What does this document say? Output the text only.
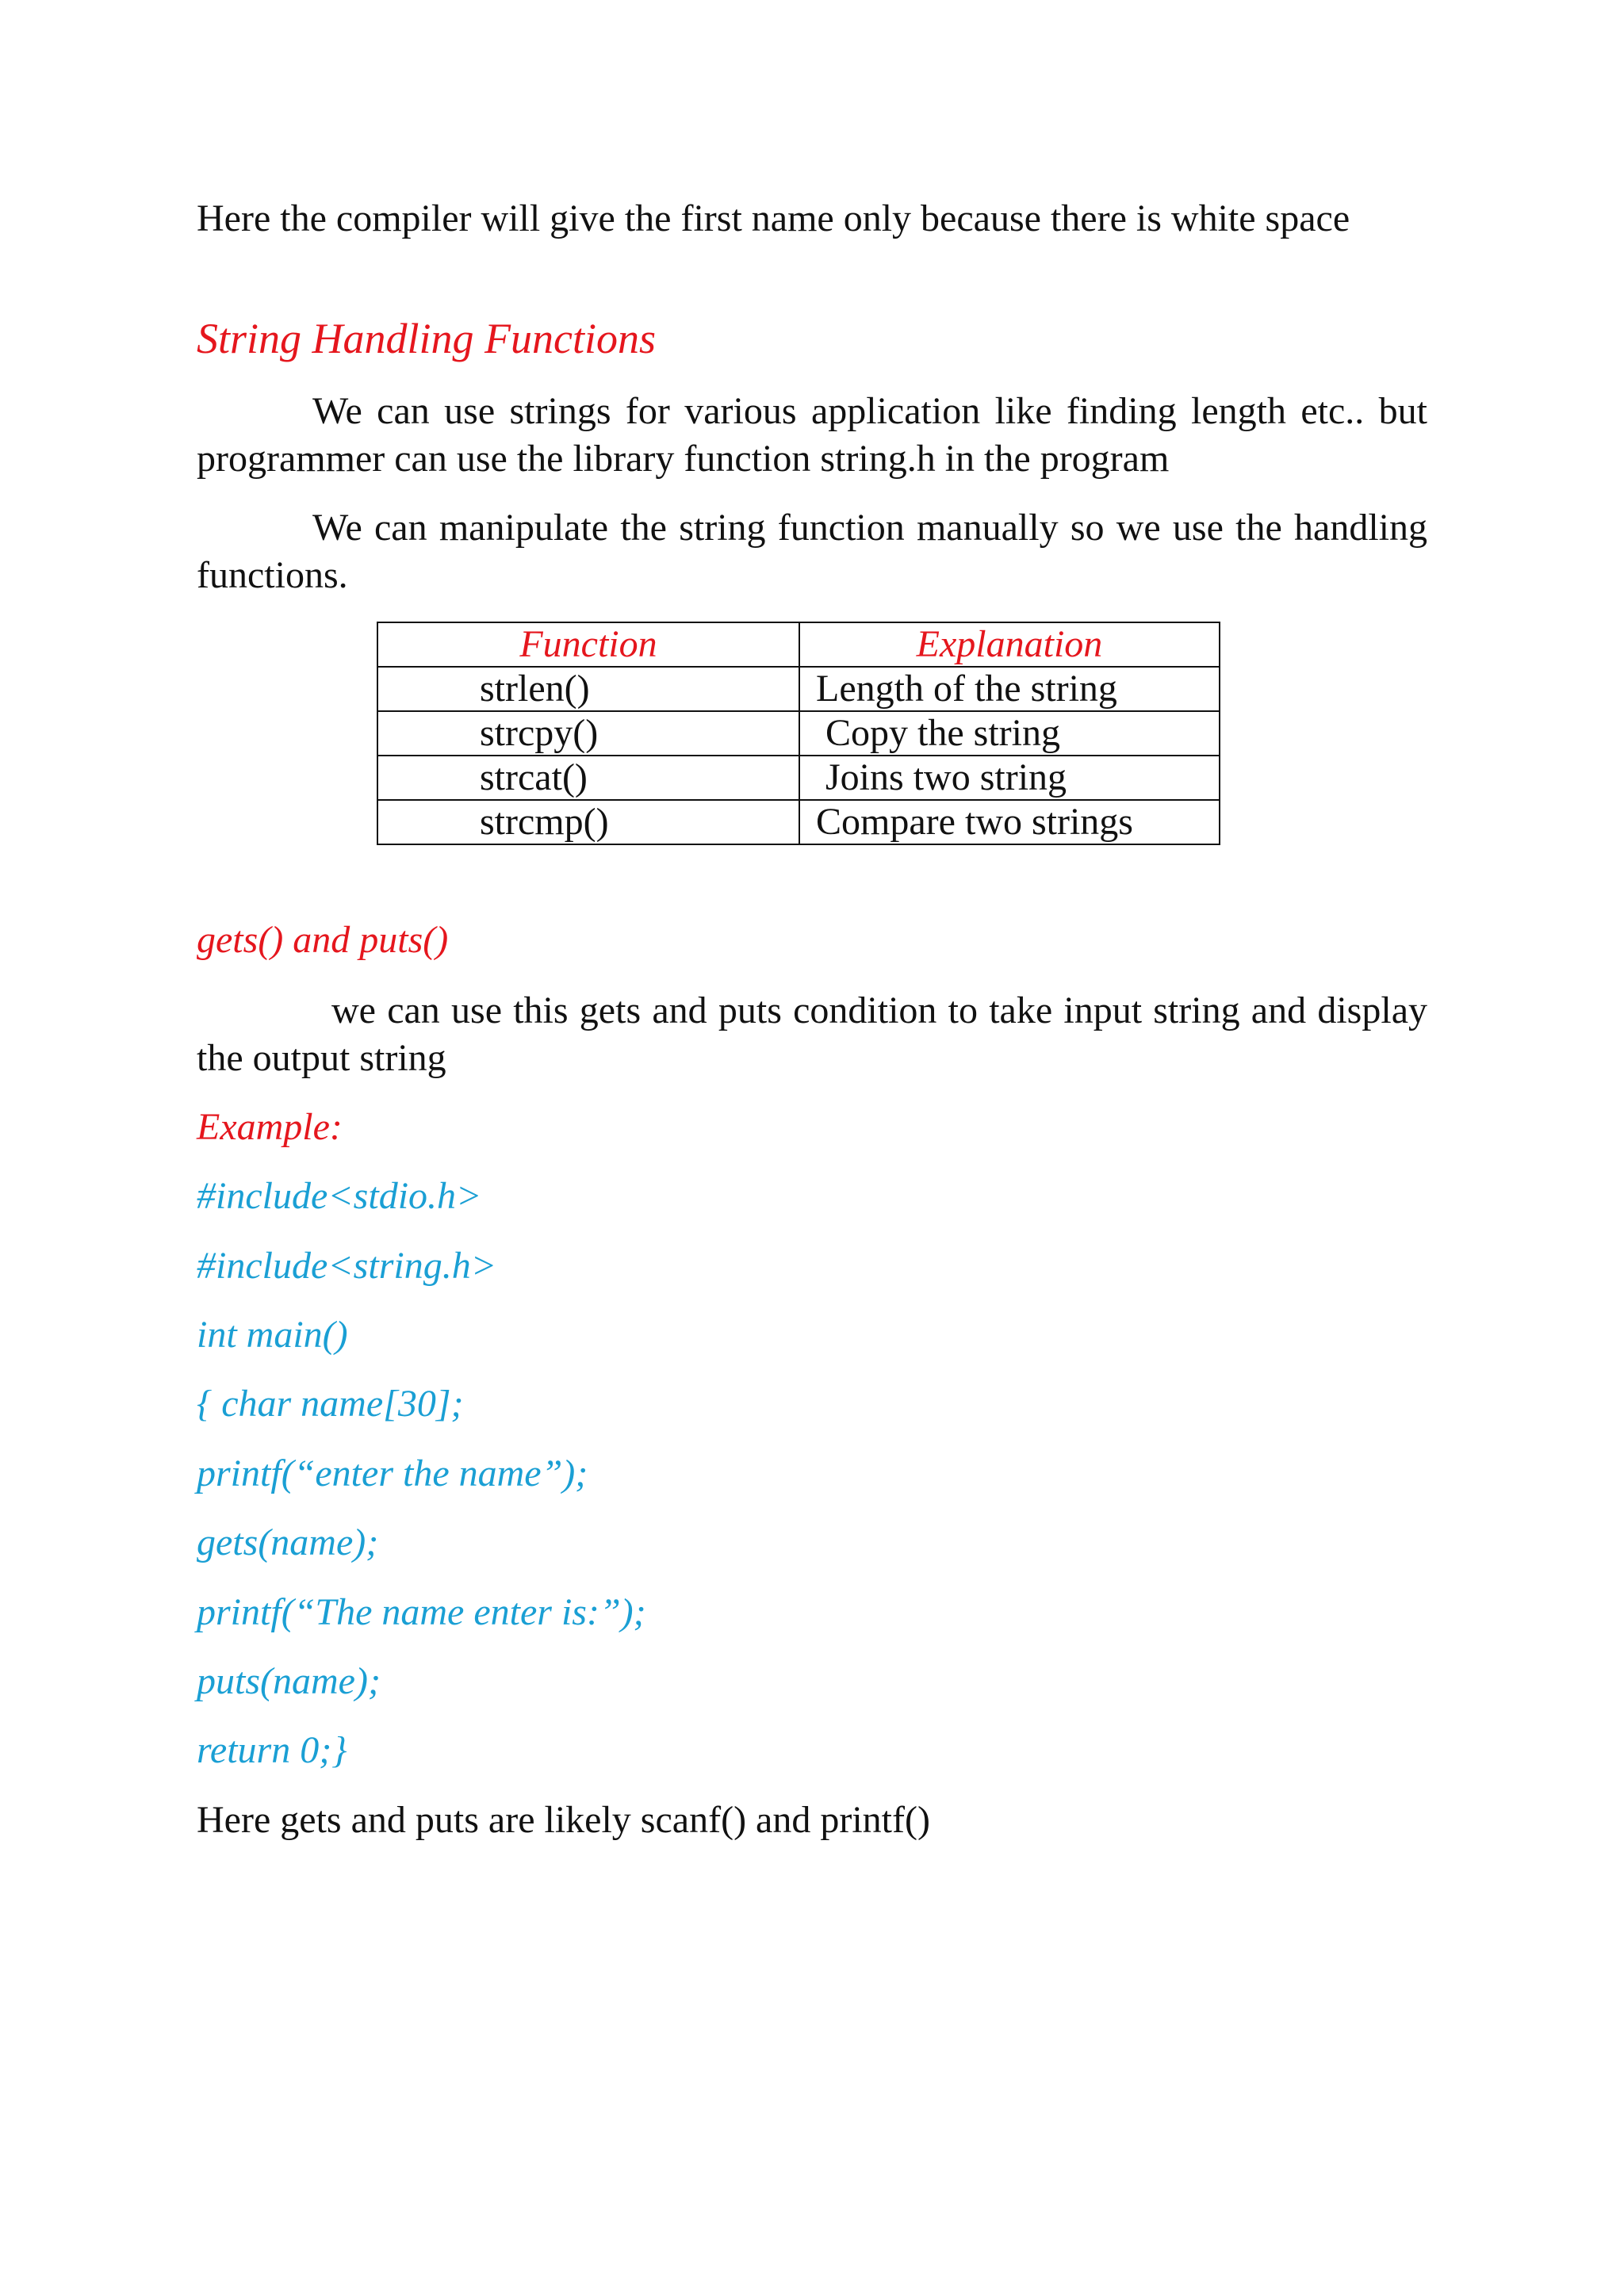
Here the compiler will give the first name only because there is white space

String Handling Functions

We can use strings for various application like finding length etc.. but programmer can use the library function string.h in the program

We can manipulate the string function manually so we use the handling functions.

Function	Explanation
strlen()	Length of the string
strcpy()	Copy the string
strcat()	Joins two string
strcmp()	Compare two strings
gets() and puts()

we can use this gets and puts condition to take input string and display the output string

Example:
#include<stdio.h>
#include<string.h>
int main()
{ char name[30];
printf(“enter the name”);
gets(name);
printf(“The name enter is:”);
puts(name);
return 0;}

Here gets and puts are likely scanf() and printf()
